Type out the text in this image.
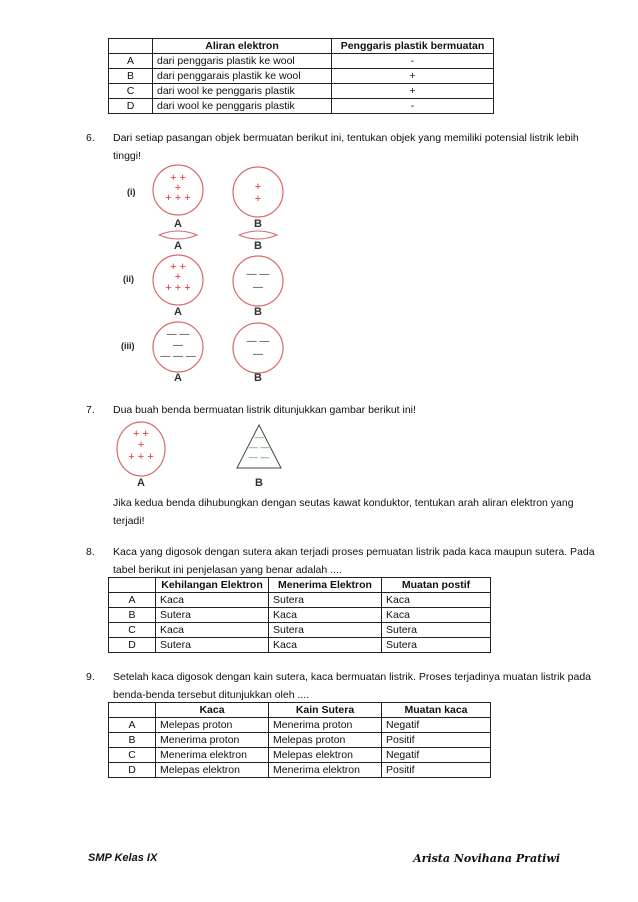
	Aliran elektron	Penggaris plastik bermuatan
A	dari penggaris plastik ke wool	-
B	dari penggarais plastik ke wool	+
C	dari wool ke penggaris plastik	+
D	dari wool ke penggaris plastik	-
6. Dari setiap pasangan objek bermuatan berikut ini, tentukan objek yang memiliki potensial listrik lebih tinggi!
(i)
(ii)
(iii)
+ +
+
+ + +
+
+
A	B
A	B
+ +
+
+ + +
— —
—
A	B
— —
—
— — —
— —
—
A	B
7. Dua buah benda bermuatan listrik ditunjukkan gambar berikut ini!
+ +
+
+ + +
A
—
— —
— —
B
Jika kedua benda dihubungkan dengan seutas kawat konduktor, tentukan arah aliran elektron yang terjadi!
8. Kaca yang digosok dengan sutera akan terjadi proses pemuatan listrik pada kaca maupun sutera. Pada tabel berikut ini penjelasan yang benar adalah ....
	Kehilangan Elektron	Menerima Elektron	Muatan postif
A	Kaca	Sutera	Kaca
B	Sutera	Kaca	Kaca
C	Kaca	Sutera	Sutera
D	Sutera	Kaca	Sutera
9. Setelah kaca digosok dengan kain sutera, kaca bermuatan listrik. Proses terjadinya muatan listrik pada benda-benda tersebut ditunjukkan oleh ....
	Kaca	Kain Sutera	Muatan kaca
A	Melepas proton	Menerima proton	Negatif
B	Menerima proton	Melepas proton	Positif
C	Menerima elektron	Melepas elektron	Negatif
D	Melepas elektron	Menerima elektron	Positif
SMP Kelas IX	Arista Novihana Pratiwi
